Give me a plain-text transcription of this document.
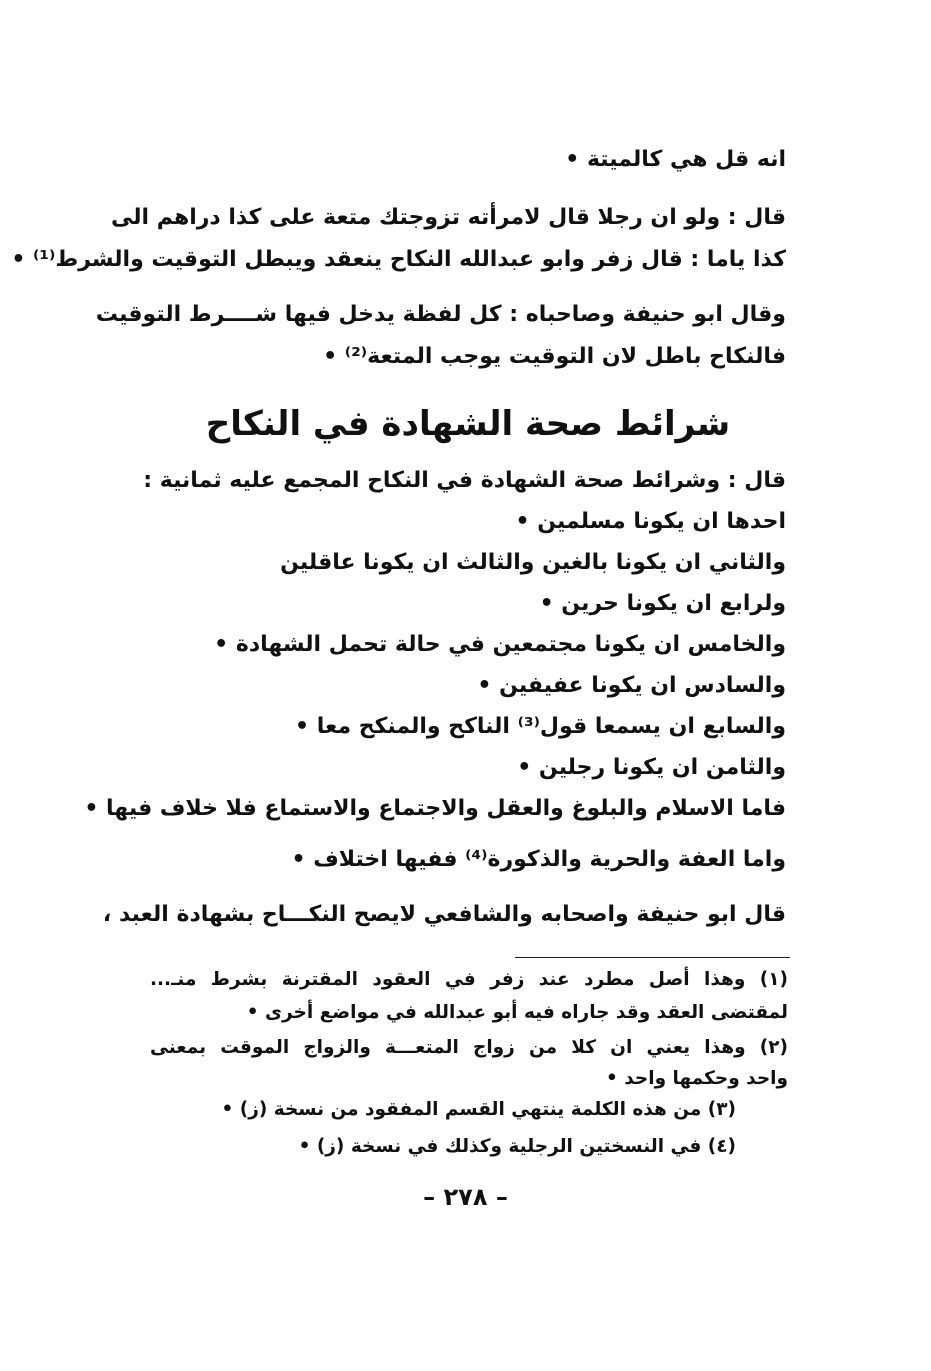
انه قل هي كالميتة •
قال : ولو ان رجلا قال لامرأته تزوجتك متعة على كذا دراهم الى
كذا ياما : قال زفر وابو عبدالله النكاح ينعقد ويبطل التوقيت والشرط⁽¹⁾ •
وقال ابو حنيفة وصاحباه : كل لفظة يدخل فيها شــــرط التوقيت
فالنكاح باطل لان التوقيت يوجب المتعة⁽²⁾ •
شرائط صحة الشهادة في النكاح
قال : وشرائط صحة الشهادة في النكاح المجمع عليه ثمانية :
احدها ان يكونا مسلمين •
والثاني ان يكونا بالغين والثالث ان يكونا عاقلين
ولرابع ان يكونا حرين •
والخامس ان يكونا مجتمعين في حالة تحمل الشهادة •
والسادس ان يكونا عفيفين •
والسابع ان يسمعا قول⁽³⁾ الناكح والمنكح معا •
والثامن ان يكونا رجلين •
فاما الاسلام والبلوغ والعقل والاجتماع والاستماع فلا خلاف فيها •
واما العفة والحرية والذكورة⁽⁴⁾ ففيها اختلاف •
قال ابو حنيفة واصحابه والشافعي لايصح النكـــاح بشهادة العبد ،
(١) وهذا أصل مطرد عند زفر في العقود المقترنة بشرط منـ...
لمقتضى العقد وقد جاراه فيه أبو عبدالله في مواضع أخرى •
(٢) وهذا يعني ان كلا من زواج المتعـــة والزواج الموقت بمعنى
واحد وحكمها واحد •
(٣) من هذه الكلمة ينتهي القسم المفقود من نسخة (ز) •
(٤) في النسختين الرجلية وكذلك في نسخة (ز) •
– ٢٧٨ –
